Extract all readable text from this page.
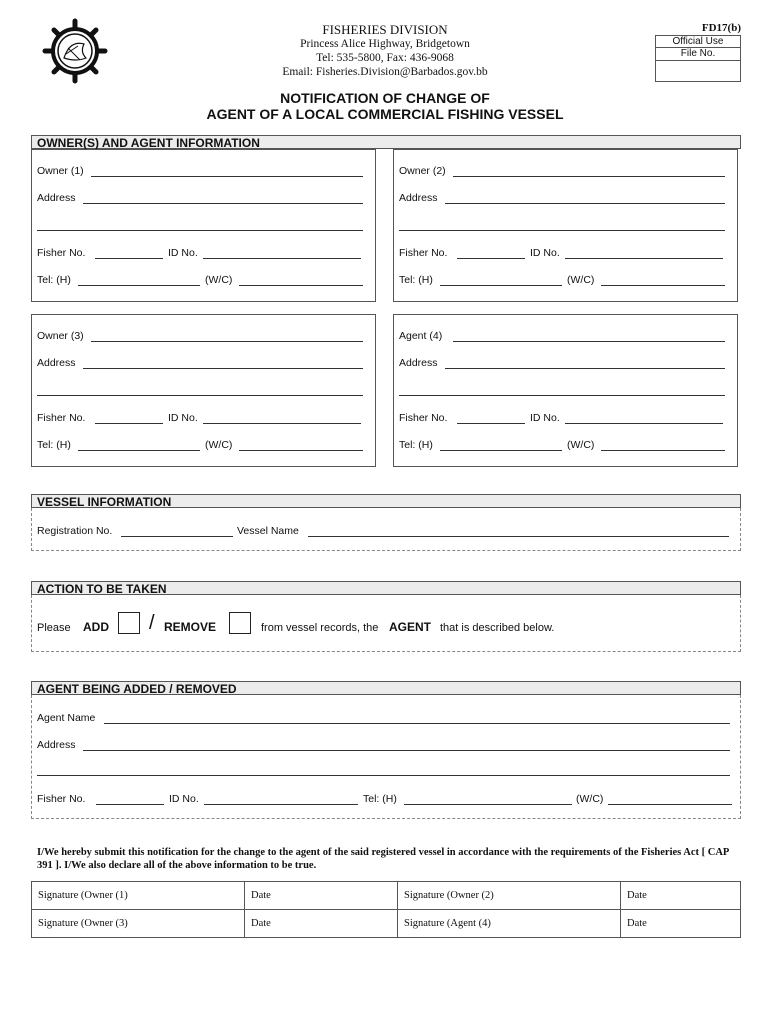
FISHERIES DIVISION
Princess Alice Highway, Bridgetown
Tel: 535-5800, Fax: 436-9068
Email: Fisheries.Division@Barbados.gov.bb
FD17(b)
Official Use
File No.
NOTIFICATION OF CHANGE OF
AGENT OF A LOCAL COMMERCIAL FISHING VESSEL
OWNER(S) AND AGENT INFORMATION
Owner (1)
Address
Fisher No.	ID No.
Tel: (H)	(W/C)
Owner (2)
Address
Fisher No.	ID No.
Tel: (H)	(W/C)
Owner (3)
Address
Fisher No.	ID No.
Tel: (H)	(W/C)
Agent (4)
Address
Fisher No.	ID No.
Tel: (H)	(W/C)
VESSEL INFORMATION
Registration No.	Vessel Name
ACTION TO BE TAKEN
Please ADD / REMOVE	from vessel records, the AGENT that is described below.
AGENT BEING ADDED / REMOVED
Agent Name
Address
Fisher No.	ID No.	Tel: (H)	(W/C)
I/We hereby submit this notification for the change to the agent of the said registered vessel in accordance with the requirements of the Fisheries Act [ CAP 391 ]. I/We also declare all of the above information to be true.
Signature (Owner (1)	Date	Signature (Owner (2)	Date
Signature (Owner (3)	Date	Signature (Agent (4)	Date
